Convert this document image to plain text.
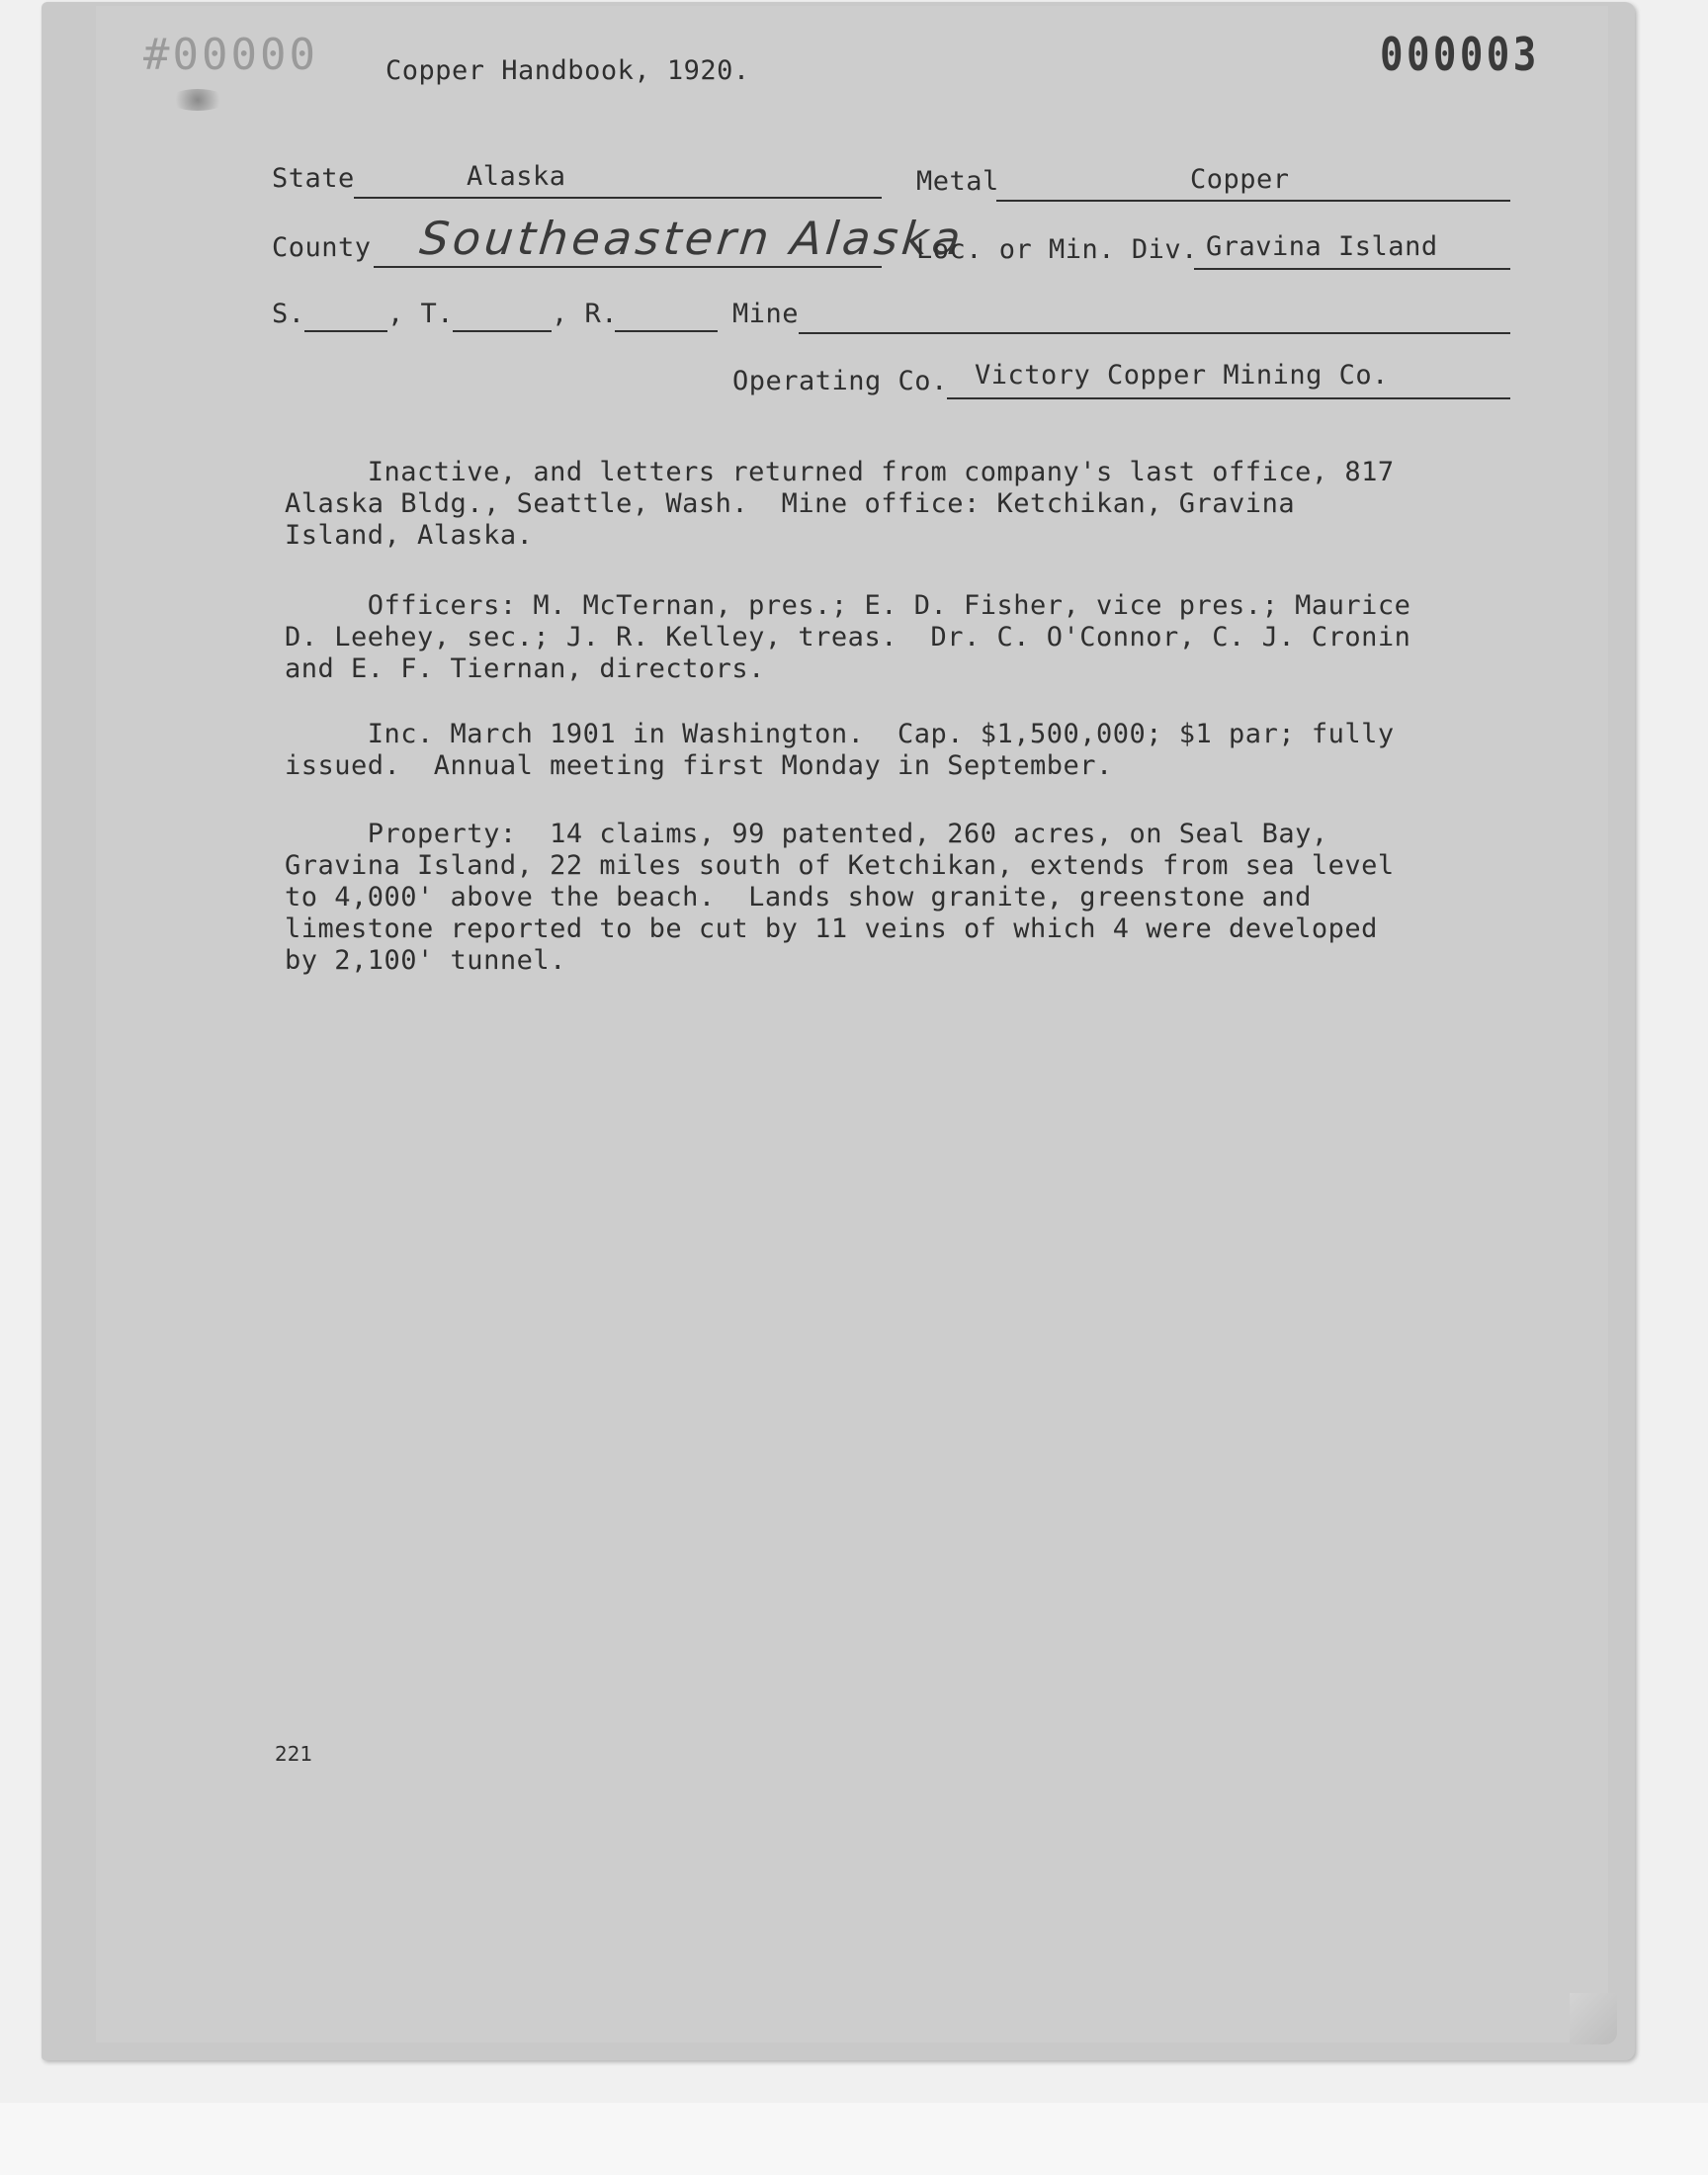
#00000	Copper Handbook, 1920.	000003
State	Alaska	Metal	Copper
County Southeastern Alaska
Loc. or Min. Div. Gravina Island
S.	, T.	, R.	Mine
Operating Co. Victory Copper Mining Co.
Inactive, and letters returned from company's last office, 817
Alaska Bldg., Seattle, Wash.  Mine office: Ketchikan, Gravina
Island, Alaska.
Officers: M. McTernan, pres.; E. D. Fisher, vice pres.; Maurice
D. Leehey, sec.; J. R. Kelley, treas.  Dr. C. O'Connor, C. J. Cronin
and E. F. Tiernan, directors.
Inc. March 1901 in Washington.  Cap. $1,500,000; $1 par; fully
issued.  Annual meeting first Monday in September.
Property:  14 claims, 99 patented, 260 acres, on Seal Bay,
Gravina Island, 22 miles south of Ketchikan, extends from sea level
to 4,000' above the beach.  Lands show granite, greenstone and
limestone reported to be cut by 11 veins of which 4 were developed
by 2,100' tunnel.
221
